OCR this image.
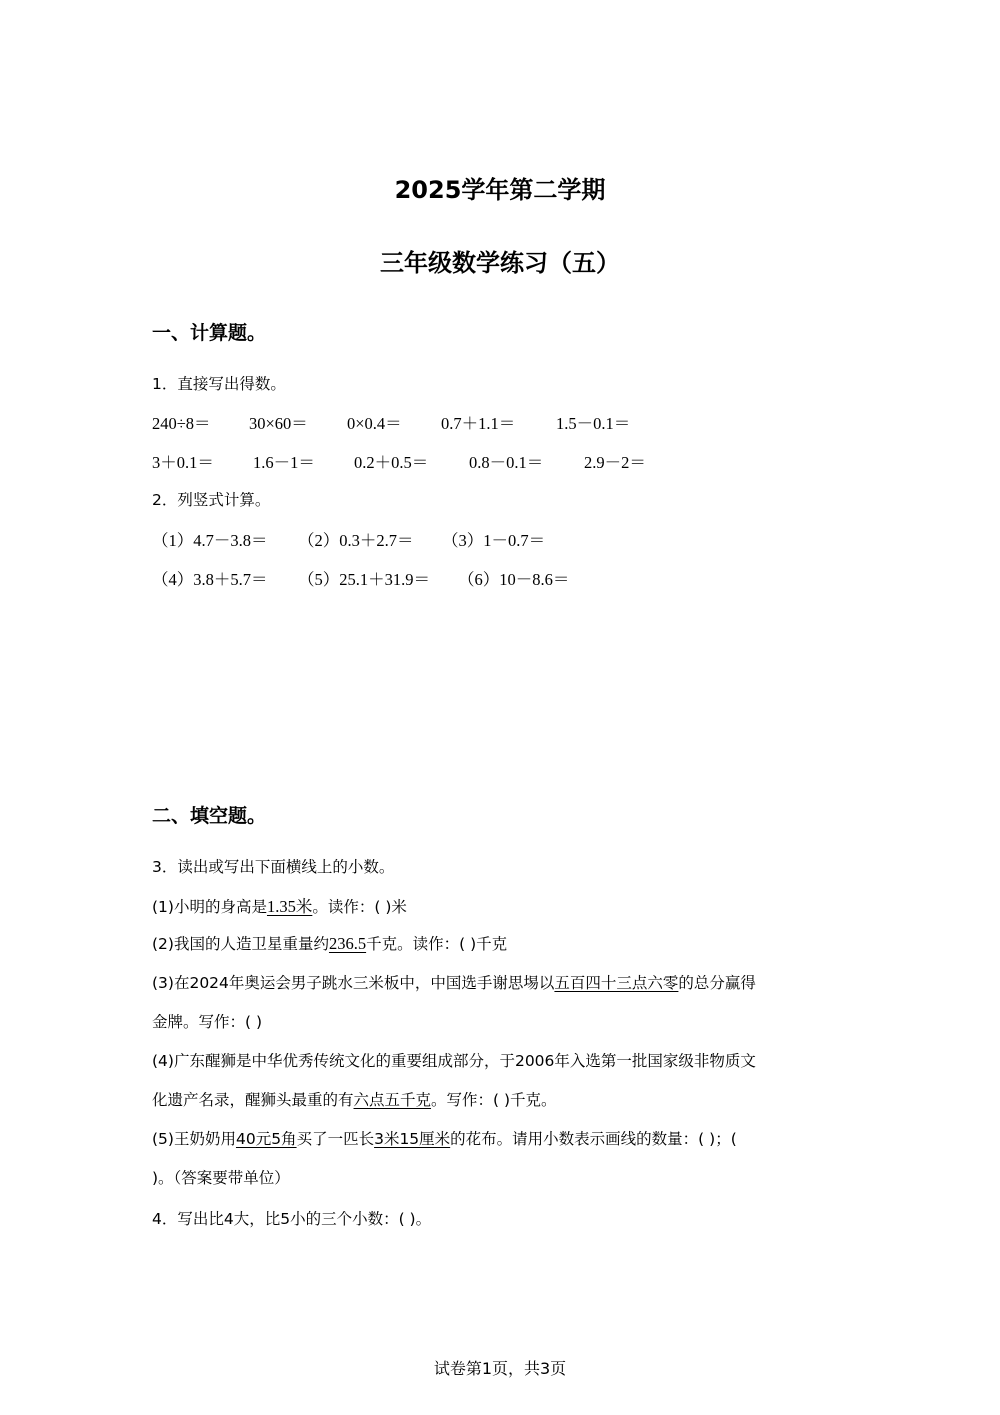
2025学年第二学期
三年级数学练习（五）
一、计算题。
1．直接写出得数。
240÷8＝ 30×60＝ 0×0.4＝ 0.7＋1.1＝ 1.5－0.1＝
3＋0.1＝ 1.6－1＝ 0.2＋0.5＝ 0.8－0.1＝ 2.9－2＝
2．列竖式计算。
（1）4.7－3.8＝ （2）0.3＋2.7＝ （3）1－0.7＝
（4）3.8＋5.7＝ （5）25.1＋31.9＝ （6）10－8.6＝
二、填空题。
3．读出或写出下面横线上的小数。
(1)小明的身高是1.35米。读作：( )米
(2)我国的人造卫星重量约236.5千克。读作：( )千克
(3)在2024年奥运会男子跳水三米板中，中国选手谢思埸以五百四十三点六零的总分赢得
金牌。写作：( )
(4)广东醒狮是中华优秀传统文化的重要组成部分，于2006年入选第一批国家级非物质文
化遗产名录，醒狮头最重的有六点五千克。写作：( )千克。
(5)王奶奶用40元5角买了一匹长3米15厘米的花布。请用小数表示画线的数量：( )；(
)。（答案要带单位）
4．写出比4大，比5小的三个小数：( )。
试卷第1页，共3页
